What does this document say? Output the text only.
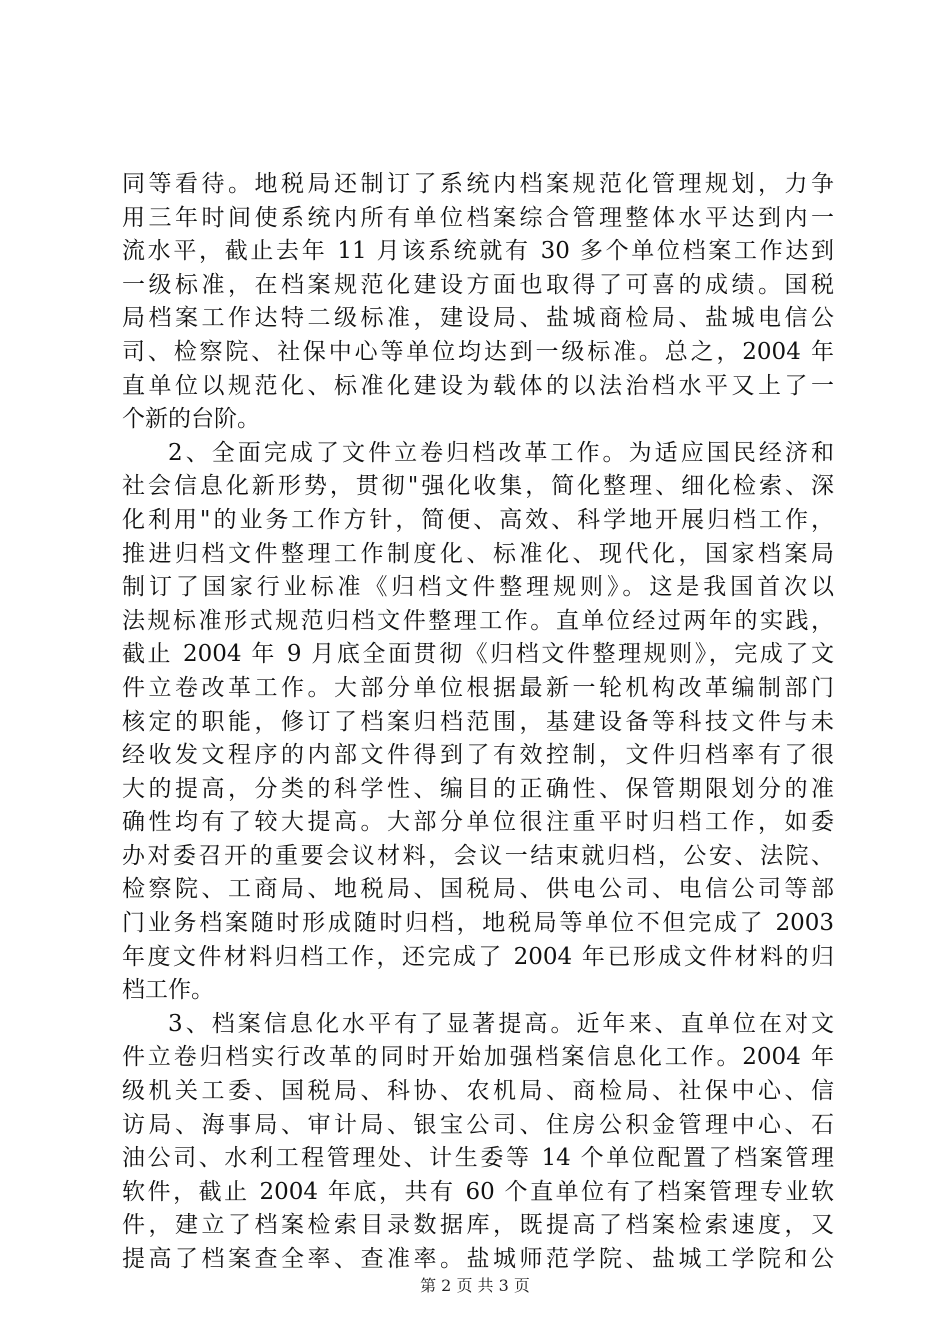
同等看待。地税局还制订了系统内档案规范化管理规划，力争
用三年时间使系统内所有单位档案综合管理整体水平达到内一
流水平，截止去年 11 月该系统就有 30 多个单位档案工作达到
一级标准，在档案规范化建设方面也取得了可喜的成绩。国税
局档案工作达特二级标准，建设局、盐城商检局、盐城电信公
司、检察院、社保中心等单位均达到一级标准。总之，2004 年
直单位以规范化、标准化建设为载体的以法治档水平又上了一
个新的台阶。
2、全面完成了文件立卷归档改革工作。为适应国民经济和
社会信息化新形势，贯彻"强化收集，简化整理、细化检索、深
化利用"的业务工作方针，简便、高效、科学地开展归档工作，
推进归档文件整理工作制度化、标准化、现代化，国家档案局
制订了国家行业标准《归档文件整理规则》。这是我国首次以
法规标准形式规范归档文件整理工作。直单位经过两年的实践，
截止 2004 年 9 月底全面贯彻《归档文件整理规则》，完成了文
件立卷改革工作。大部分单位根据最新一轮机构改革编制部门
核定的职能，修订了档案归档范围，基建设备等科技文件与未
经收发文程序的内部文件得到了有效控制，文件归档率有了很
大的提高，分类的科学性、编目的正确性、保管期限划分的准
确性均有了较大提高。大部分单位很注重平时归档工作，如委
办对委召开的重要会议材料，会议一结束就归档，公安、法院、
检察院、工商局、地税局、国税局、供电公司、电信公司等部
门业务档案随时形成随时归档，地税局等单位不但完成了 2003
年度文件材料归档工作，还完成了 2004 年已形成文件材料的归
档工作。
3、档案信息化水平有了显著提高。近年来、直单位在对文
件立卷归档实行改革的同时开始加强档案信息化工作。2004 年
级机关工委、国税局、科协、农机局、商检局、社保中心、信
访局、海事局、审计局、银宝公司、住房公积金管理中心、石
油公司、水利工程管理处、计生委等 14 个单位配置了档案管理
软件，截止 2004 年底，共有 60 个直单位有了档案管理专业软
件，建立了档案检索目录数据库，既提高了档案检索速度，又
提高了档案查全率、查准率。盐城师范学院、盐城工学院和公
第 2 页 共 3 页
